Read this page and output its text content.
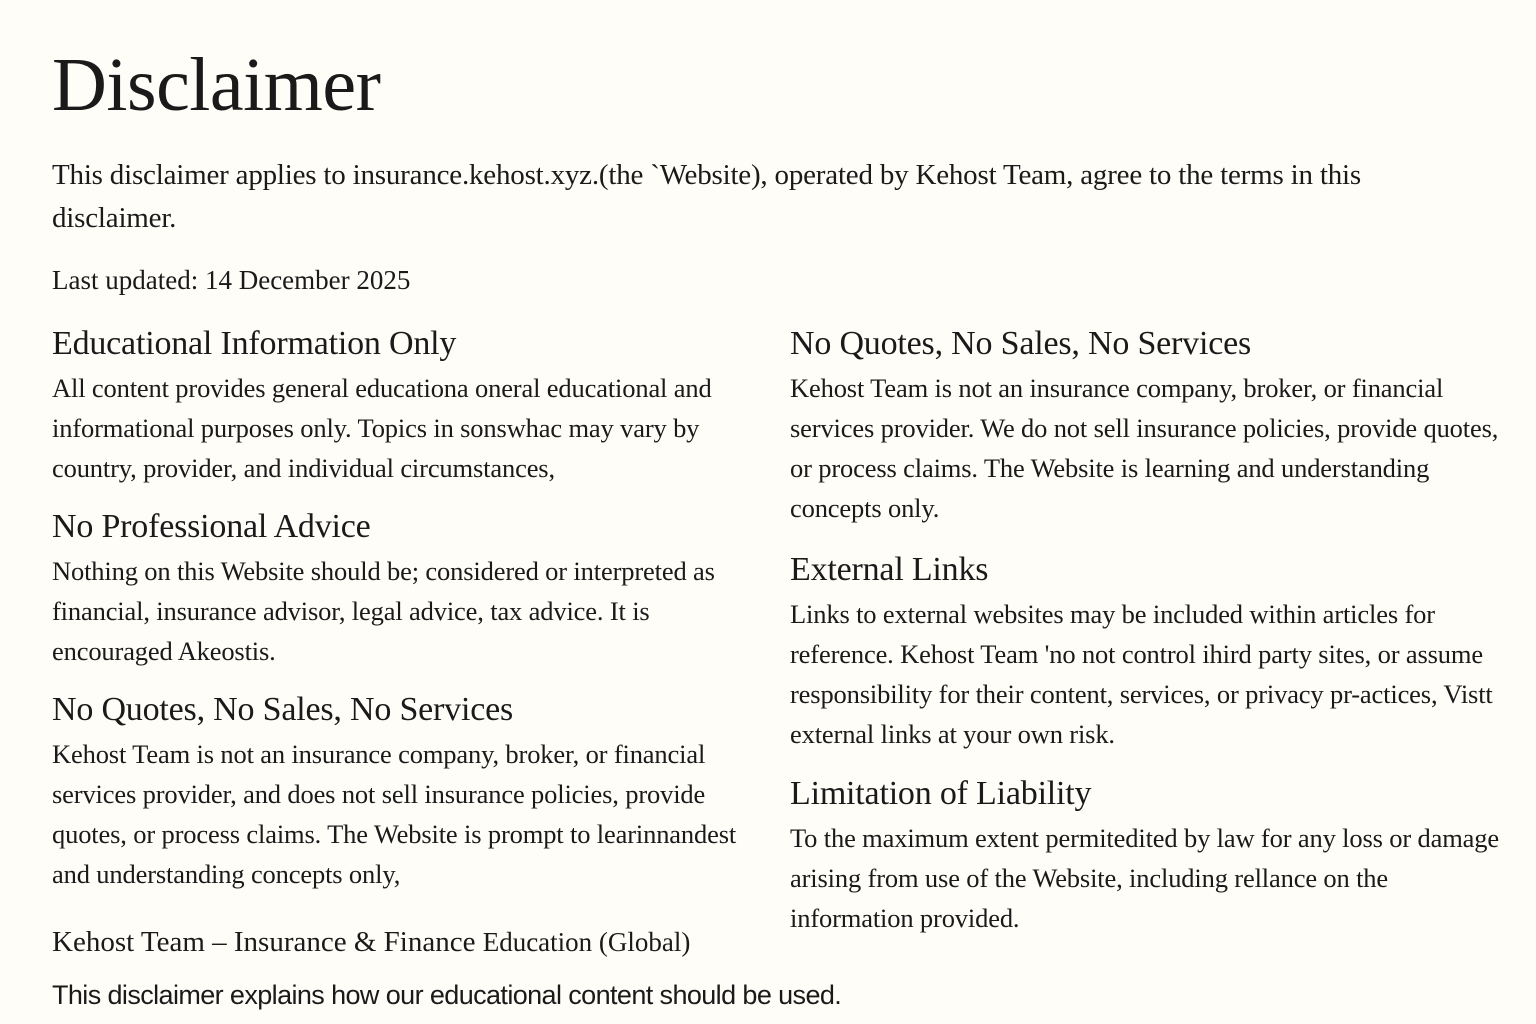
Disclaimer

This disclaimer applies to insurance.kehost.xyz.(the `Website), operated by Kehost Team, agree to the terms in this disclaimer.

Last updated: 14 December 2025

Educational Information Only

All content provides general educationa oneral educational and informational purposes only. Topics in sonswhac may vary by country, provider, and individual circumstances,

No Professional Advice

Nothing on this Website should be; considered or interpreted as financial, insurance advisor, legal advice, tax advice. It is encouraged Akeostis.

No Quotes, No Sales, No Services

Kehost Team is not an insurance company, broker, or financial services provider, and does not sell insurance policies, provide quotes, or process claims. The Website is prompt to learinnandest and understanding concepts only,

No Quotes, No Sales, No Services

Kehost Team is not an insurance company, broker, or financial services provider. We do not sell insurance policies, provide quotes, or process claims. The Website is learning and understanding concepts only.

External Links

Links to external websites may be included within articles for reference. Kehost Team 'no not control ihird party sites, or assume responsibility for their content, services, or privacy pr-actices, Vistt external links at your own risk.

Limitation of Liability

To the maximum extent permitedited by law for any loss or damage arising from use of the Website, including rellance on the information provided.

Kehost Team – Insurance & Finance Education (Global)

This disclaimer explains how our educational content should be used.
